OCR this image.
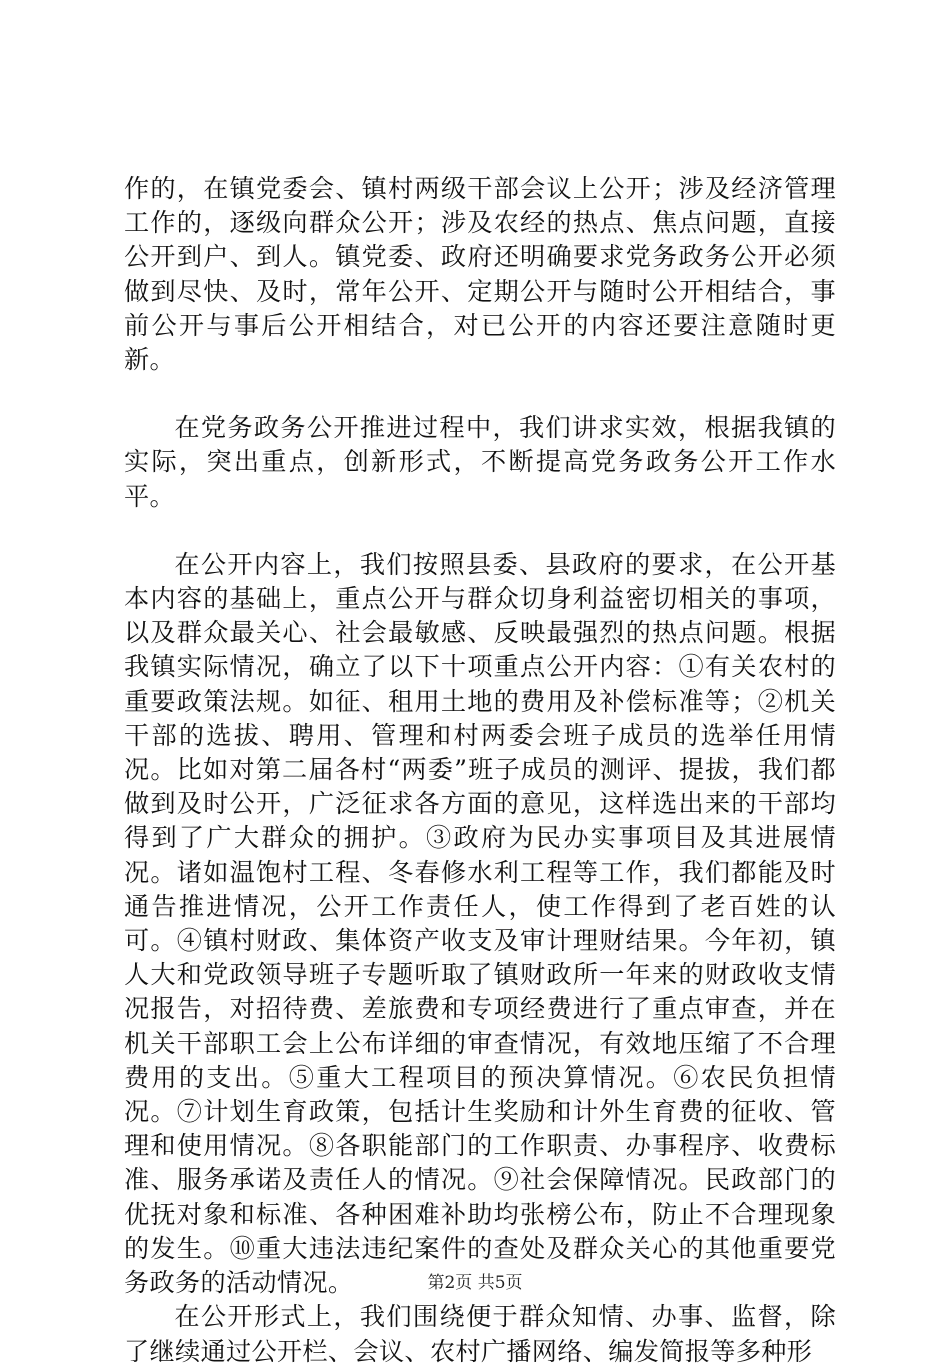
作的，在镇党委会、镇村两级干部会议上公开；涉及经济管理工作的，逐级向群众公开；涉及农经的热点、焦点问题，直接公开到户、到人。镇党委、政府还明确要求党务政务公开必须做到尽快、及时，常年公开、定期公开与随时公开相结合，事前公开与事后公开相结合，对已公开的内容还要注意随时更新。

在党务政务公开推进过程中，我们讲求实效，根据我镇的实际，突出重点，创新形式，不断提高党务政务公开工作水平。

在公开内容上，我们按照县委、县政府的要求，在公开基本内容的基础上，重点公开与群众切身利益密切相关的事项，以及群众最关心、社会最敏感、反映最强烈的热点问题。根据我镇实际情况，确立了以下十项重点公开内容：①有关农村的重要政策法规。如征、租用土地的费用及补偿标准等；②机关干部的选拔、聘用、管理和村两委会班子成员的选举任用情况。比如对第二届各村“两委”班子成员的测评、提拔，我们都做到及时公开，广泛征求各方面的意见，这样选出来的干部均得到了广大群众的拥护。③政府为民办实事项目及其进展情况。诸如温饱村工程、冬春修水利工程等工作，我们都能及时通告推进情况，公开工作责任人，使工作得到了老百姓的认可。④镇村财政、集体资产收支及审计理财结果。今年初，镇人大和党政领导班子专题听取了镇财政所一年来的财政收支情况报告，对招待费、差旅费和专项经费进行了重点审查，并在机关干部职工会上公布详细的审查情况，有效地压缩了不合理费用的支出。⑤重大工程项目的预决算情况。⑥农民负担情况。⑦计划生育政策，包括计生奖励和计外生育费的征收、管理和使用情况。⑧各职能部门的工作职责、办事程序、收费标准、服务承诺及责任人的情况。⑨社会保障情况。民政部门的优抚对象和标准、各种困难补助均张榜公布，防止不合理现象的发生。⑩重大违法违纪案件的查处及群众关心的其他重要党务政务的活动情况。

在公开形式上，我们围绕便于群众知情、办事、监督，除了继续通过公开栏、会议、农村广播网络、编发简报等多种形

第2页 共5页
